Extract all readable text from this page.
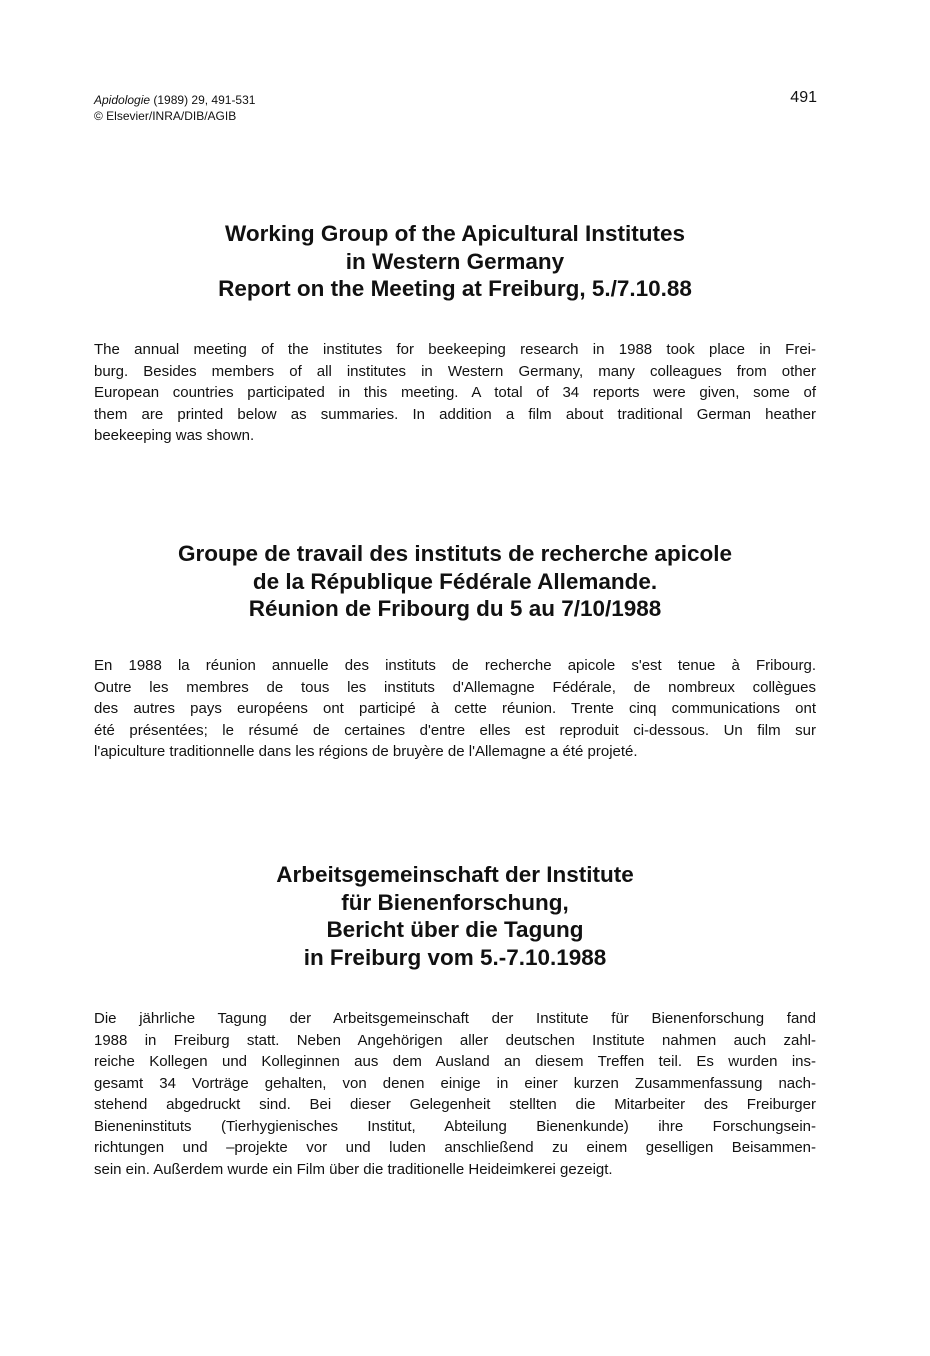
Apidologie (1989) 29, 491-531
© Elsevier/INRA/DIB/AGIB
491
Working Group of the Apicultural Institutes
in Western Germany
Report on the Meeting at Freiburg, 5./7.10.88
The annual meeting of the institutes for beekeeping research in 1988 took place in Frei-
burg. Besides members of all institutes in Western Germany, many colleagues from other
European countries participated in this meeting. A total of 34 reports were given, some of
them are printed below as summaries. In addition a film about traditional German heather
beekeeping was shown.
Groupe de travail des instituts de recherche apicole
de la République Fédérale Allemande.
Réunion de Fribourg du 5 au 7/10/1988
En 1988 la réunion annuelle des instituts de recherche apicole s'est tenue à Fribourg.
Outre les membres de tous les instituts d'Allemagne Fédérale, de nombreux collègues
des autres pays européens ont participé à cette réunion. Trente cinq communications ont
été présentées; le résumé de certaines d'entre elles est reproduit ci-dessous. Un film sur
l'apiculture traditionnelle dans les régions de bruyère de l'Allemagne a été projeté.
Arbeitsgemeinschaft der Institute
für Bienenforschung,
Bericht über die Tagung
in Freiburg vom 5.-7.10.1988
Die jährliche Tagung der Arbeitsgemeinschaft der Institute für Bienenforschung fand
1988 in Freiburg statt. Neben Angehörigen aller deutschen Institute nahmen auch zahl-
reiche Kollegen und Kolleginnen aus dem Ausland an diesem Treffen teil. Es wurden ins-
gesamt 34 Vorträge gehalten, von denen einige in einer kurzen Zusammenfassung nach-
stehend abgedruckt sind. Bei dieser Gelegenheit stellten die Mitarbeiter des Freiburger
Bieneninstituts (Tierhygienisches Institut, Abteilung Bienenkunde) ihre Forschungsein-
richtungen und –projekte vor und luden anschließend zu einem geselligen Beisammen-
sein ein. Außerdem wurde ein Film über die traditionelle Heideimkerei gezeigt.
